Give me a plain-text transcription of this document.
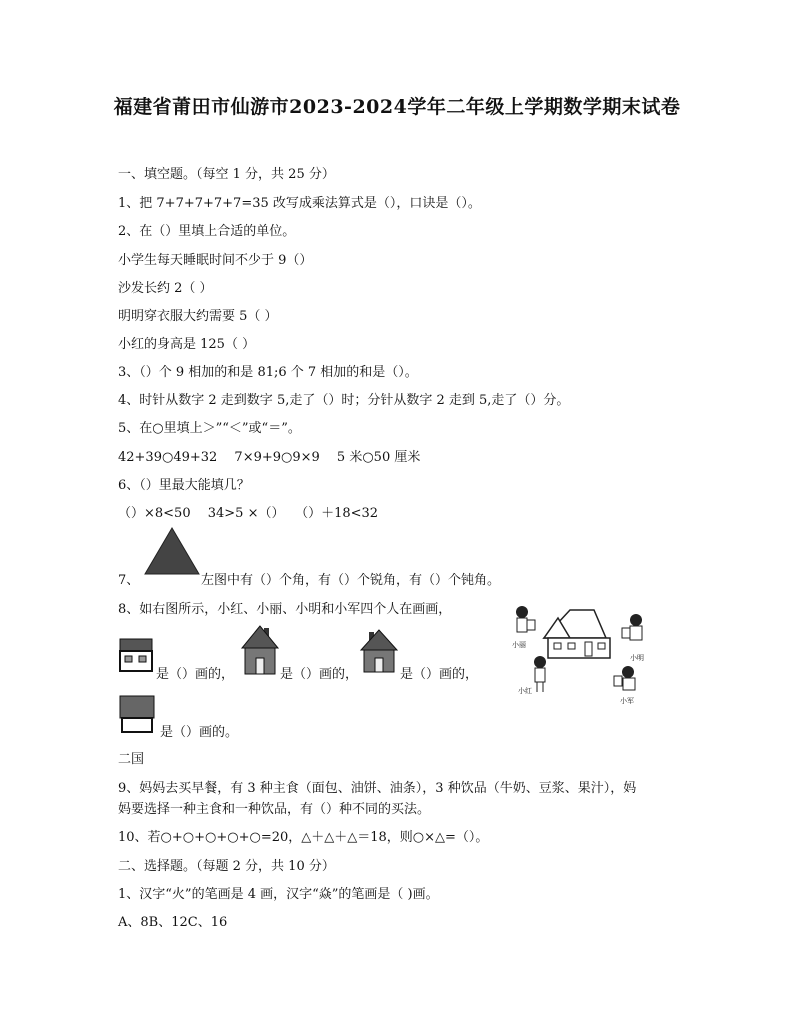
福建省莆田市仙游市2023-2024学年二年级上学期数学期末试卷
一、填空题。（每空 1 分，共 25 分）
1、把 7+7+7+7+7=35 改写成乘法算式是（），口诀是（）。
2、在（）里填上合适的单位。
小学生每天睡眠时间不少于 9（）
沙发长约 2（ ）
明明穿衣服大约需要 5（ ）
小红的身高是 125（ ）
3、（）个 9 相加的和是 81;6 个 7 相加的和是（）。
4、时针从数字 2 走到数字 5,走了（）时；分针从数字 2 走到 5,走了（）分。
5、在○里填上＞”“＜”或“＝”。
42+39○49+32　 7×9+9○9×9　 5 米○50 厘米
6、（）里最大能填几？
（）×8<50　 34>5 ×（）　 （）＋18<32
7、	左图中有（）个角，有（）个锐角，有（）个钝角。
8、如右图所示，小红、小丽、小明和小军四个人在画画，
是（）画的，	是（）画的，	是（）画的，
小丽
小明
小红
小军
是（）画的。
二国
9、妈妈去买早餐，有 3 种主食（面包、油饼、油条），3 种饮品（牛奶、豆浆、果汁），妈
妈要选择一种主食和一种饮品，有（）种不同的买法。
10、若○+○+○+○+○=20，△＋△＋△＝18，则○×△=（）。
二、选择题。（每题 2 分，共 10 分）
1、汉字“火”的笔画是 4 画，汉字“焱”的笔画是（ )画。
A、8B、12C、16
